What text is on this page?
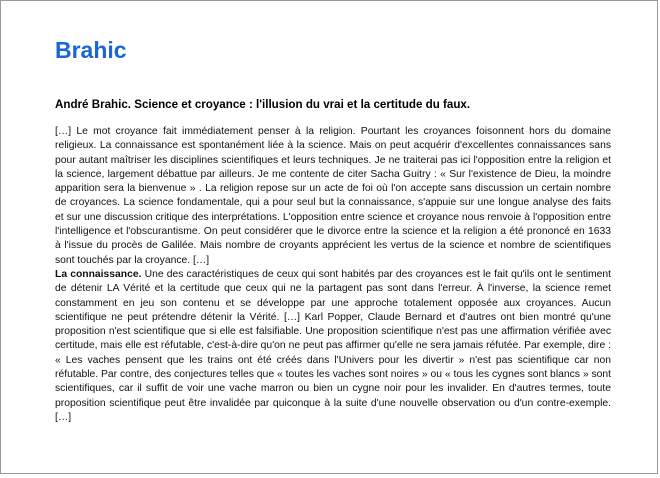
Brahic
André Brahic. Science et croyance : l'illusion du vrai et la certitude du faux.

[…] Le mot croyance fait immédiatement penser à la religion. Pourtant les croyances foisonnent hors du domaine religieux. La connaissance est spontanément liée à la science. Mais on peut acquérir d'excellentes connaissances sans pour autant maîtriser les disciplines scientifiques et leurs techniques. Je ne traiterai pas ici l'opposition entre la religion et la science, largement débattue par ailleurs. Je me contente de citer Sacha Guitry : « Sur l'existence de Dieu, la moindre apparition sera la bienvenue » . La religion repose sur un acte de foi où l'on accepte sans discussion un certain nombre de croyances. La science fondamentale, qui a pour seul but la connaissance, s'appuie sur une longue analyse des faits et sur une discussion critique des interprétations. L'opposition entre science et croyance nous renvoie à l'opposition entre l'intelligence et l'obscurantisme. On peut considérer que le divorce entre la science et la religion a été prononcé en 1633 à l'issue du procès de Galilée. Mais nombre de croyants apprécient les vertus de la science et nombre de scientifiques sont touchés par la croyance. […]

La connaissance. Une des caractéristiques de ceux qui sont habités par des croyances est le fait qu'ils ont le sentiment de détenir LA Vérité et la certitude que ceux qui ne la partagent pas sont dans l'erreur. À l'inverse, la science remet constamment en jeu son contenu et se développe par une approche totalement opposée aux croyances. Aucun scientifique ne peut prétendre détenir la Vérité. […] Karl Popper, Claude Bernard et d'autres ont bien montré qu'une proposition n'est scientifique que si elle est falsifiable. Une proposition scientifique n'est pas une affirmation vérifiée avec certitude, mais elle est réfutable, c'est-à-dire qu'on ne peut pas affirmer qu'elle ne sera jamais réfutée. Par exemple, dire : « Les vaches pensent que les trains ont été créés dans l'Univers pour les divertir » n'est pas scientifique car non réfutable. Par contre, des conjectures telles que « toutes les vaches sont noires » ou « tous les cygnes sont blancs » sont scientifiques, car il suffit de voir une vache marron ou bien un cygne noir pour les invalider. En d'autres termes, toute proposition scientifique peut être invalidée par quiconque à la suite d'une nouvelle observation ou d'un contre-exemple. […]
